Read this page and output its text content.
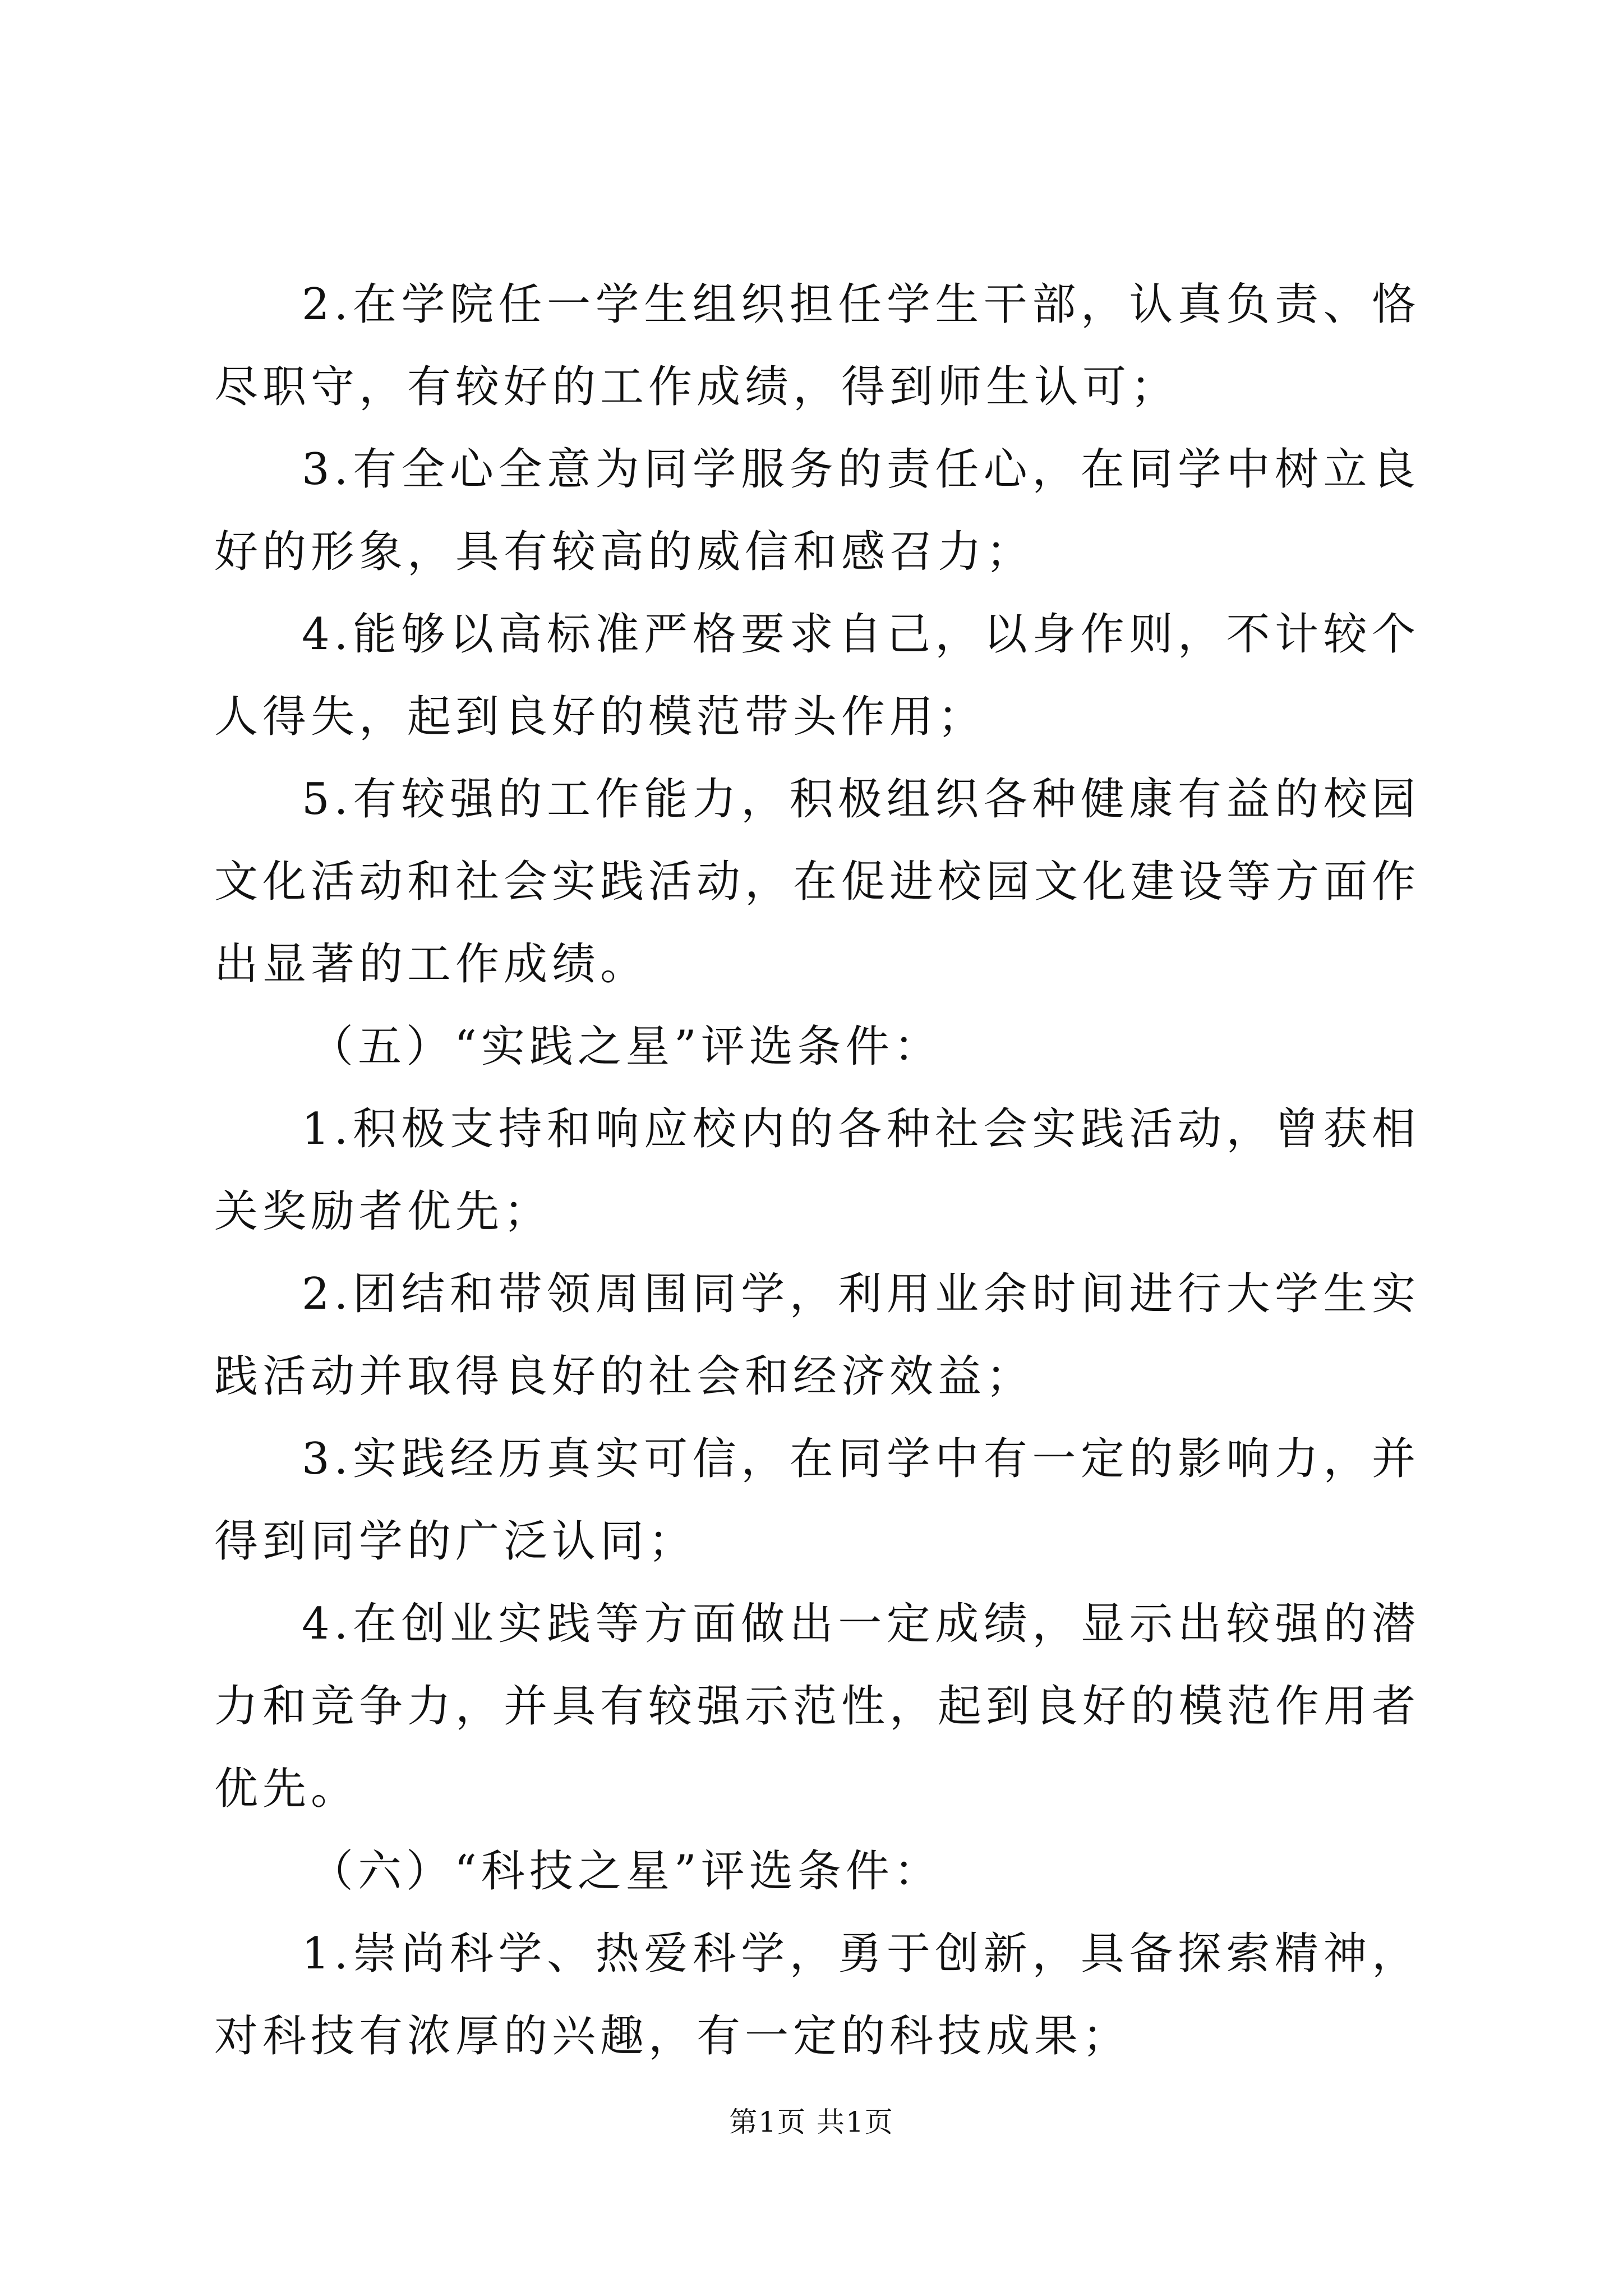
2.在学院任一学生组织担任学生干部，认真负责、恪尽职守，有较好的工作成绩，得到师生认可；

3.有全心全意为同学服务的责任心，在同学中树立良好的形象，具有较高的威信和感召力；

4.能够以高标准严格要求自己，以身作则，不计较个人得失，起到良好的模范带头作用；

5.有较强的工作能力，积极组织各种健康有益的校园文化活动和社会实践活动，在促进校园文化建设等方面作出显著的工作成绩。

（五）“实践之星”评选条件：

1.积极支持和响应校内的各种社会实践活动，曾获相关奖励者优先；

2.团结和带领周围同学，利用业余时间进行大学生实践活动并取得良好的社会和经济效益；

3.实践经历真实可信，在同学中有一定的影响力，并得到同学的广泛认同；

4.在创业实践等方面做出一定成绩，显示出较强的潜力和竞争力，并具有较强示范性，起到良好的模范作用者优先。

（六）“科技之星”评选条件：

1.崇尚科学、热爱科学，勇于创新，具备探索精神，对科技有浓厚的兴趣，有一定的科技成果；

第1页 共1页
